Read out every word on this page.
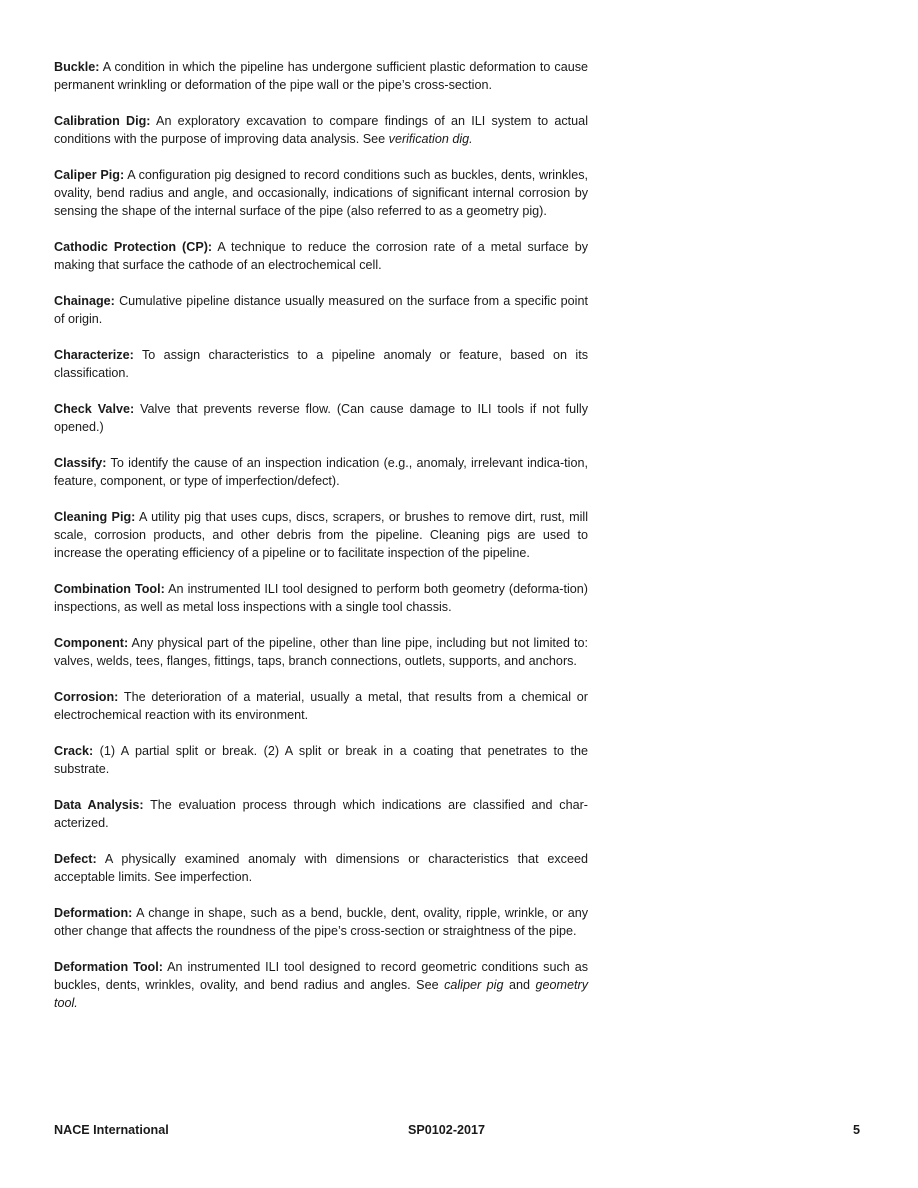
Buckle: A condition in which the pipeline has undergone sufficient plastic deformation to cause permanent wrinkling or deformation of the pipe wall or the pipe’s cross-section.

Calibration Dig: An exploratory excavation to compare findings of an ILI system to actual conditions with the purpose of improving data analysis. See verification dig.

Caliper Pig: A configuration pig designed to record conditions such as buckles, dents, wrinkles, ovality, bend radius and angle, and occasionally, indications of significant internal corrosion by sensing the shape of the internal surface of the pipe (also referred to as a geometry pig).

Cathodic Protection (CP): A technique to reduce the corrosion rate of a metal surface by making that surface the cathode of an electrochemical cell.

Chainage: Cumulative pipeline distance usually measured on the surface from a specific point of origin.

Characterize: To assign characteristics to a pipeline anomaly or feature, based on its classification.

Check Valve: Valve that prevents reverse flow. (Can cause damage to ILI tools if not fully opened.)

Classify: To identify the cause of an inspection indication (e.g., anomaly, irrelevant indica-tion, feature, component, or type of imperfection/defect).

Cleaning Pig: A utility pig that uses cups, discs, scrapers, or brushes to remove dirt, rust, mill scale, corrosion products, and other debris from the pipeline. Cleaning pigs are used to increase the operating efficiency of a pipeline or to facilitate inspection of the pipeline.

Combination Tool: An instrumented ILI tool designed to perform both geometry (deforma-tion) inspections, as well as metal loss inspections with a single tool chassis.

Component: Any physical part of the pipeline, other than line pipe, including but not limited to: valves, welds, tees, flanges, fittings, taps, branch connections, outlets, supports, and anchors.

Corrosion: The deterioration of a material, usually a metal, that results from a chemical or electrochemical reaction with its environment.

Crack: (1) A partial split or break. (2) A split or break in a coating that penetrates to the substrate.

Data Analysis: The evaluation process through which indications are classified and char-acterized.

Defect: A physically examined anomaly with dimensions or characteristics that exceed acceptable limits. See imperfection.

Deformation: A change in shape, such as a bend, buckle, dent, ovality, ripple, wrinkle, or any other change that affects the roundness of the pipe’s cross-section or straightness of the pipe.

Deformation Tool: An instrumented ILI tool designed to record geometric conditions such as buckles, dents, wrinkles, ovality, and bend radius and angles. See caliper pig and geometry tool.

NACE International	SP0102-2017	5
